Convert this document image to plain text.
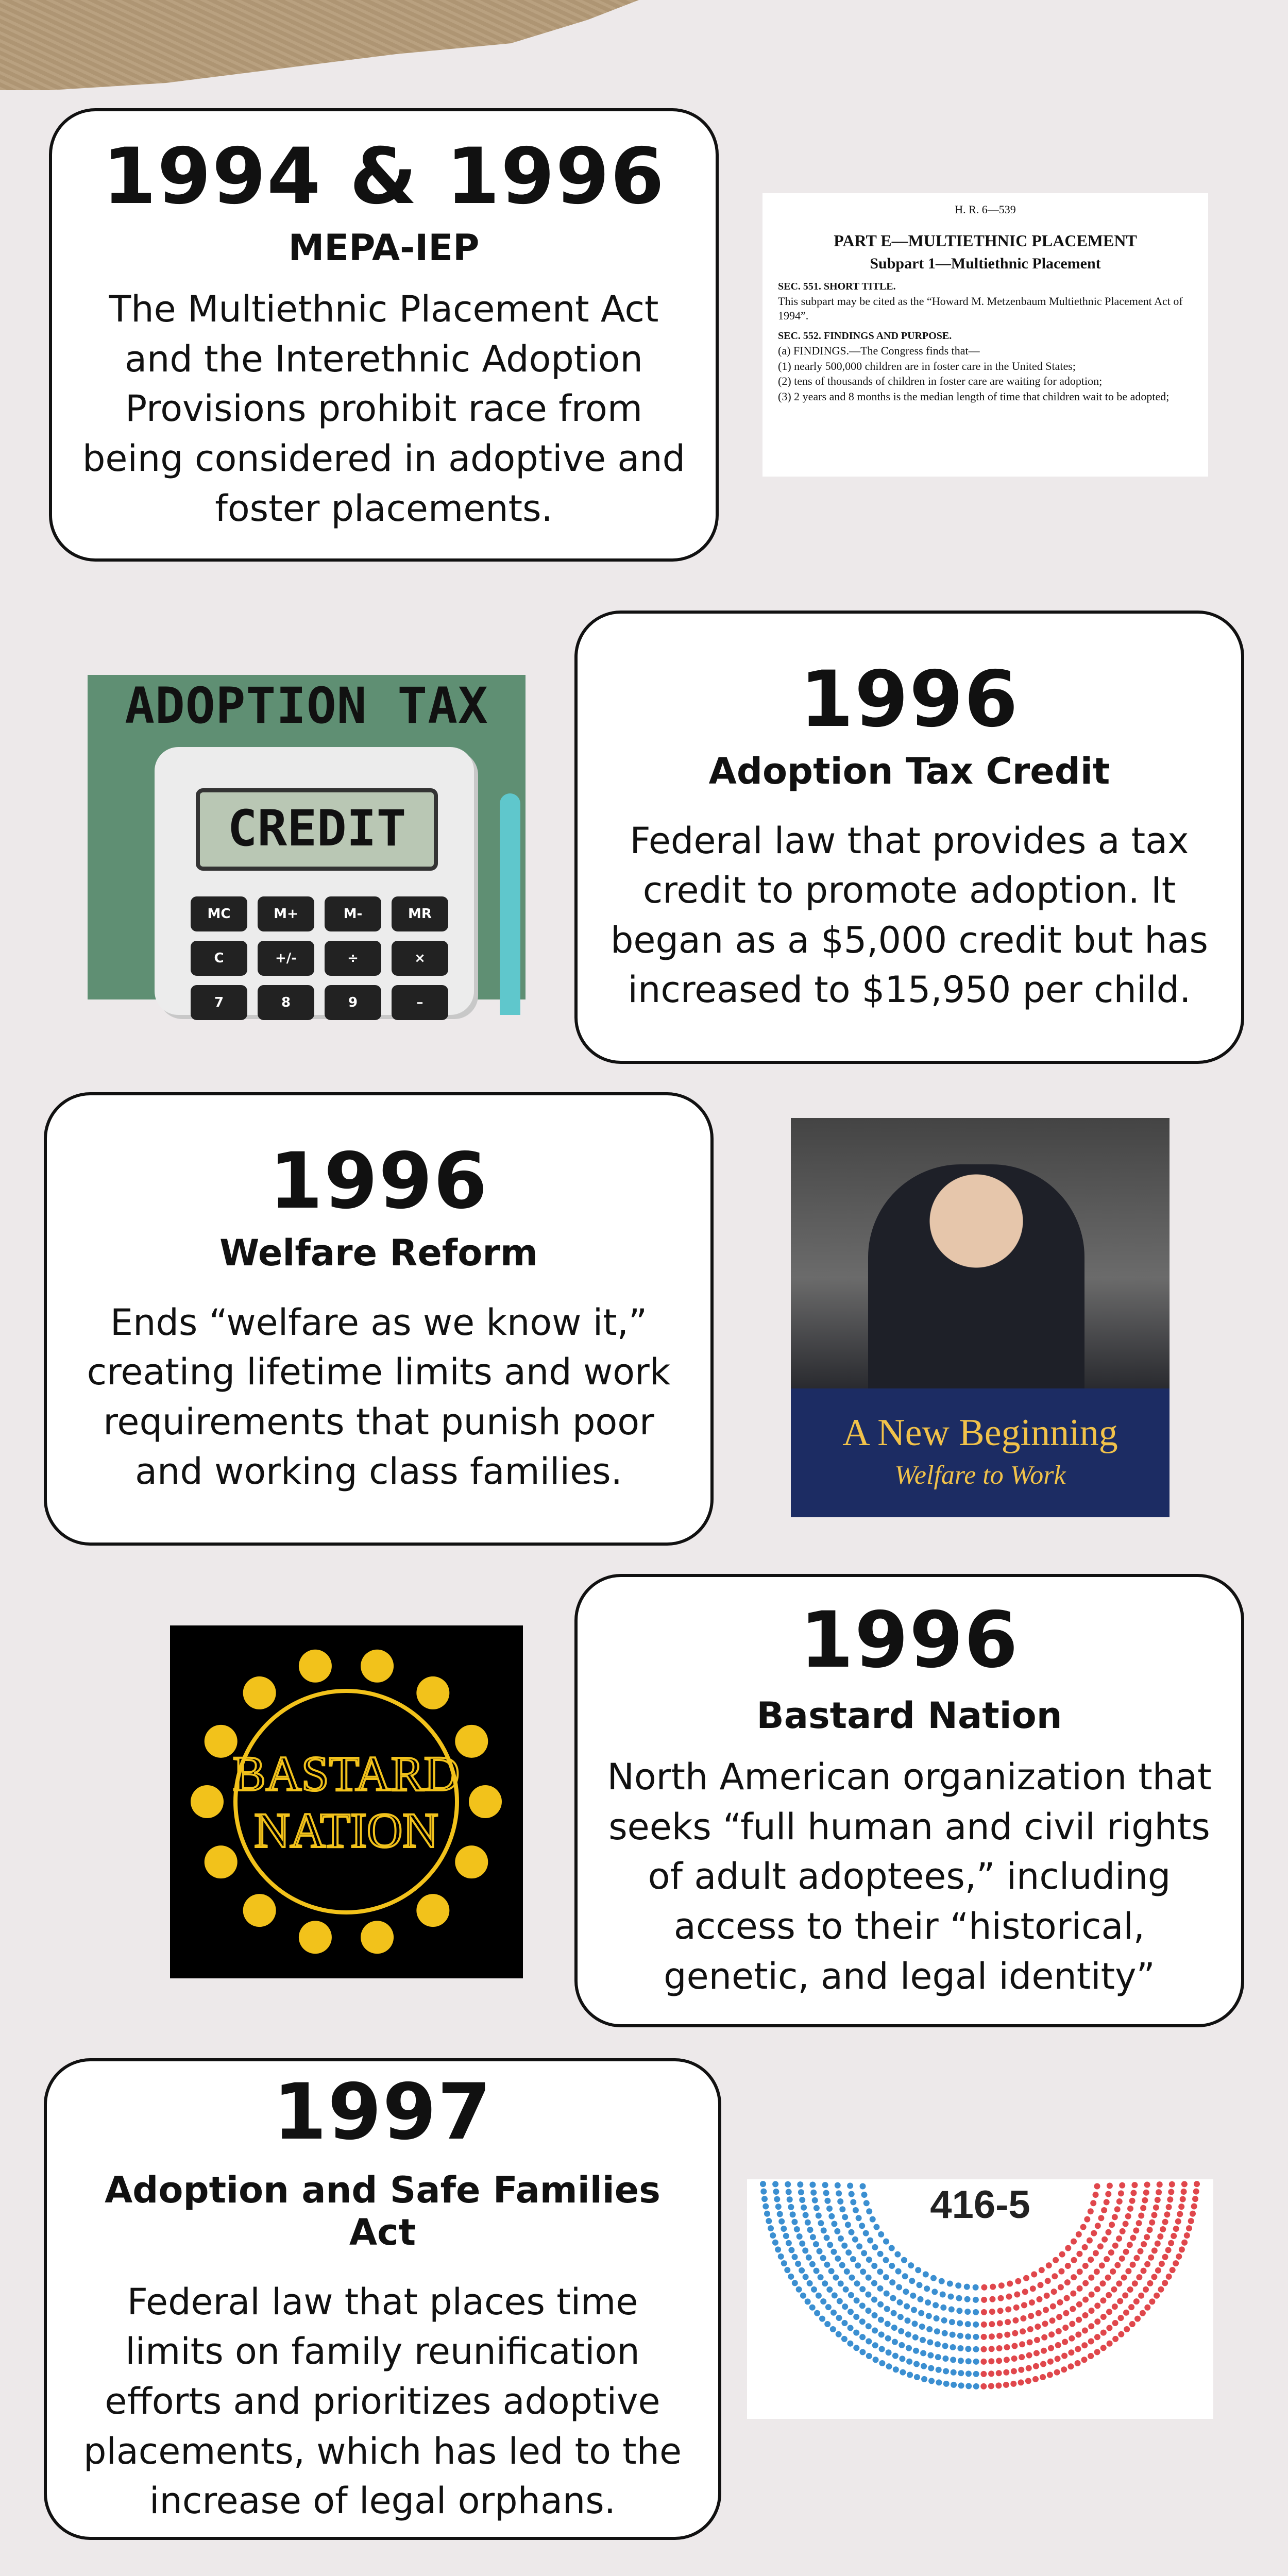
1994 & 1996
MEPA-IEP
The Multiethnic Placement Act and the Interethnic Adoption Provisions prohibit race from being considered in adoptive and foster placements.
H. R. 6—539
PART E—MULTIETHNIC PLACEMENT
Subpart 1—Multiethnic Placement
SEC. 551. SHORT TITLE.

This subpart may be cited as the “Howard M. Metzenbaum Multiethnic Placement Act of 1994”.

SEC. 552. FINDINGS AND PURPOSE.

(a) FINDINGS.—The Congress finds that—

(1) nearly 500,000 children are in foster care in the United States;

(2) tens of thousands of children in foster care are waiting for adoption;

(3) 2 years and 8 months is the median length of time that children wait to be adopted;

ADOPTION TAX
CREDIT
MC	M+	M-	MR
C	+/-	÷	×
7	8	9	–
1996
Adoption Tax Credit
Federal law that provides a tax credit to promote adoption. It began as a $5,000 credit but has increased to $15,950 per child.
1996
Welfare Reform
Ends “welfare as we know it,” creating lifetime limits and work requirements that punish poor and working class families.
A New Beginning
Welfare to Work
BASTARD
NATION
1996
Bastard Nation
North American organization that seeks “full human and civil rights of adult adoptees,” including access to their “historical, genetic, and legal identity”
1997
Adoption and Safe Families Act
Federal law that places time limits on family reunification efforts and prioritizes adoptive placements, which has led to the increase of legal orphans.
416-5
